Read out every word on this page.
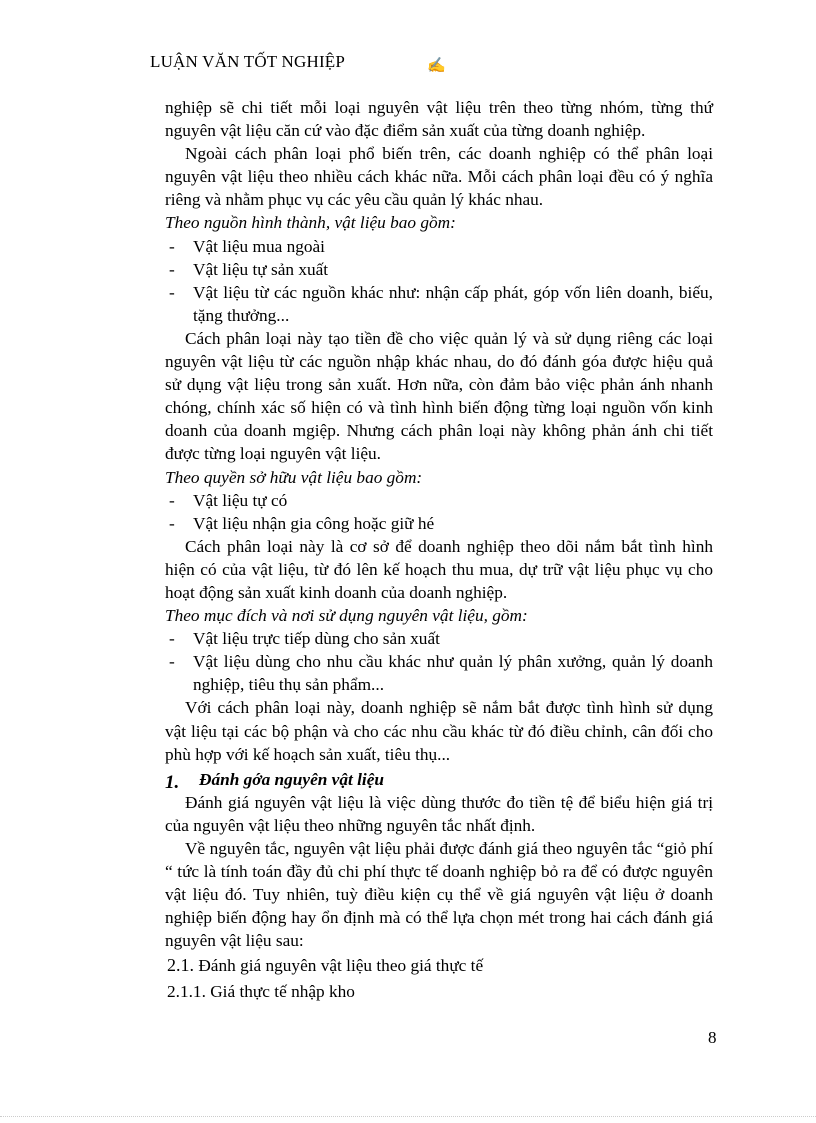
LUẬN VĂN TỐT NGHIỆP	✍

nghiệp sẽ chi tiết mỗi loại nguyên vật liệu trên theo từng nhóm, từng thứ nguyên vật liệu căn cứ vào đặc điểm sản xuất của từng doanh nghiệp.

Ngoài cách phân loại phổ biến trên, các doanh nghiệp có thể phân loại nguyên vật liệu theo nhiều cách khác nữa. Mỗi cách phân loại đều có ý nghĩa riêng và nhằm phục vụ các yêu cầu quản lý khác nhau.

Theo nguồn hình thành, vật liệu bao gồm:

- Vật liệu mua ngoài
- Vật liệu tự sản xuất
- Vật liệu từ các nguồn khác như: nhận cấp phát, góp vốn liên doanh, biếu, tặng thưởng...

Cách phân loại này tạo tiền đề cho việc quản lý và sử dụng riêng các loại nguyên vật liệu từ các nguồn nhập khác nhau, do đó đánh góa được hiệu quả sử dụng vật liệu trong sản xuất. Hơn nữa, còn đảm bảo việc phản ánh nhanh chóng, chính xác số hiện có và tình hình biến động từng loại nguồn vốn kinh doanh của doanh mgiệp. Nhưng cách phân loại này không phản ánh chi tiết được từng loại nguyên vật liệu.

Theo quyền sở hữu vật liệu bao gồm:

- Vật liệu tự có
- Vật liệu nhận gia công hoặc giữ hé

Cách phân loại này là cơ sở để doanh nghiệp theo dõi nắm bắt tình hình hiện có của vật liệu, từ đó lên kế hoạch thu mua, dự trữ vật liệu phục vụ cho hoạt động sản xuất kinh doanh của doanh nghiệp.

Theo mục đích và nơi sử dụng nguyên vật liệu, gồm:

- Vật liệu trực tiếp dùng cho sản xuất
- Vật liệu dùng cho nhu cầu khác như quản lý phân xưởng, quản lý doanh nghiệp, tiêu thụ sản phẩm...

Với cách phân loại này, doanh nghiệp sẽ nắm bắt được tình hình sử dụng vật liệu tại các bộ phận và cho các nhu cầu khác từ đó điều chỉnh, cân đối cho phù hợp với kế hoạch sản xuất, tiêu thụ...

1. Đánh gớa nguyên vật liệu

Đánh giá nguyên vật liệu là việc dùng thước đo tiền tệ để biểu hiện giá trị của nguyên vật liệu theo những nguyên tắc nhất định.

Về nguyên tắc, nguyên vật liệu phải được đánh giá theo nguyên tắc “giỏ phí “ tức là tính toán đầy đủ chi phí thực tế doanh nghiệp bỏ ra để có được nguyên vật liệu đó. Tuy nhiên, tuỳ điều kiện cụ thể về giá nguyên vật liệu ở doanh nghiệp biến động hay ổn định mà có thể lựa chọn mét trong hai cách đánh giá nguyên vật liệu sau:

2.1. Đánh giá nguyên vật liệu theo giá thực tế
2.1.1. Giá thực tế nhập kho
8
